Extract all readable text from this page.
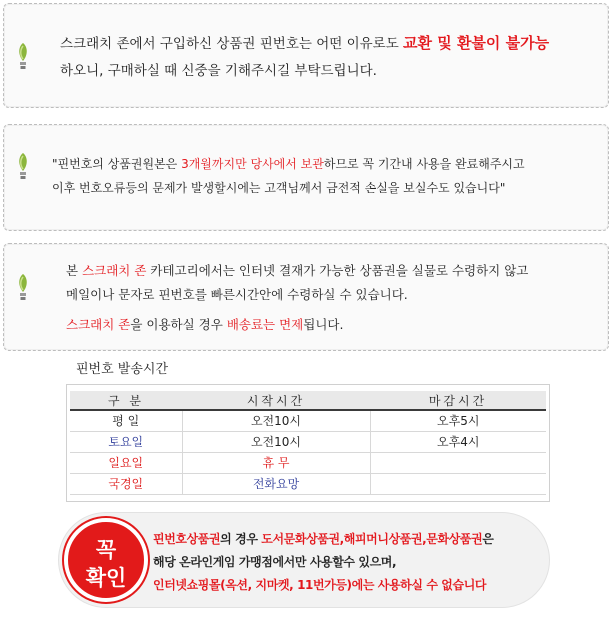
스크래치 존에서 구입하신 상품권 핀번호는 어떤 이유로도 교환 및 환불이 불가능
하오니, 구매하실 때 신중을 기해주시길 부탁드립니다.
"핀번호의 상품권원본은 3개월까지만 당사에서 보관하므로 꼭 기간내 사용을 완료해주시고
이후 번호오류등의 문제가 발생할시에는 고객님께서 금전적 손실을 보실수도 있습니다"
본 스크래치 존 카테고리에서는 인터넷 결재가 가능한 상품권을 실물로 수령하지 않고
메일이나 문자로 핀번호를 빠른시간안에 수령하실 수 있습니다.

스크래치 존을 이용하실 경우 배송료는 면제됩니다.
핀번호 발송시간
구 분	시작시간	마감시간
평 일	오전10시	오후5시
토요일	오전10시	오후4시
일요일	휴 무	
국경일	전화요망	
꼭
확인
핀번호상품권의 경우 도서문화상품권,해피머니상품권,문화상품권은
해당 온라인게임 가맹점에서만 사용할수 있으며,
인터넷쇼핑몰(옥션, 지마켓, 11번가등)에는 사용하실 수 없습니다
